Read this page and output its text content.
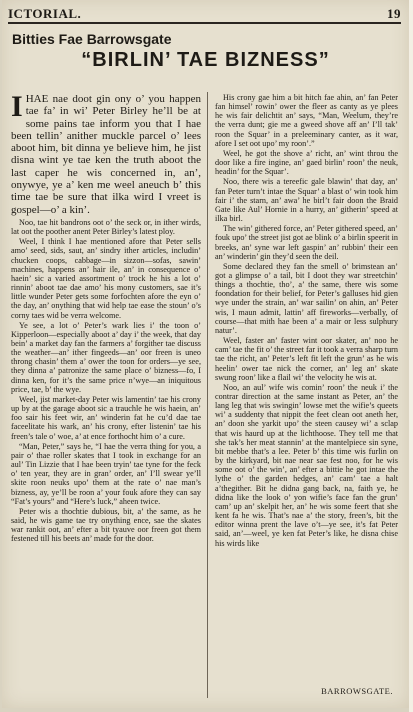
ICTORIAL.	19
Bitties Fae Barrowsgate
“BIRLIN’ TAE BIZNESS”

IHAE nae doot gin ony o’ you happen tae fa’ in wi’ Peter Birley he’ll be at some pains tae inform you that I hae been tellin’ anither muckle parcel o’ lees aboot him, bit dinna ye believe him, he jist disna wint ye tae ken the truth aboot the last caper he wis concerned in, an’, onywye, ye a’ ken me weel aneuch b’ this time tae be sure that ilka wird I vreet is gospel—o’ a kin’.

Noo, tae hit bandrons oot o’ the seck or, in ither wirds, lat oot the poother anent Peter Birley’s latest ploy.

Weel, I think I hae mentioned afore that Peter sells amo’ seed, sids, saut, an’ sindry ither articles, includin’ chucken coops, cabbage—in sizzon—sofas, sawin’ machines, happens an’ hair ile, an’ in consequence o’ haein’ sic a varied assortment o’ trock he his a lot o’ rinnin’ aboot tae dae amo’ his mony customers, sae it’s little wunder Peter gets some forfochten afore the eyn o’ the day, an’ onything that wid help tae ease the stoun’ o’s corny taes wid be verra welcome.

Ye see, a lot o’ Peter’s wark lies i’ the toon o’ Kipperloon—especially aboot a’ day i’ the week, that day bein’ a market day fan the farmers a’ forgither tae discuss the weather—an’ ither fingeeds—an’ oor freen is uneo throng chasin’ them a’ ower the toon for orders—ye see, they dinna a’ patronize the same place o’ bizness—fo, I dinna ken, for it’s the same price n’wye—an iniquitous price, tae, b’ the wye.

Weel, jist market-day Peter wis lamentin’ tae his crony up by at the garage aboot sic a trauchle he wis haein, an’ foo sair his feet wir, an’ winderin fat he cu’d dae tae faceelitate his wark, an’ his crony, efter listenin’ tae his freen’s tale o’ woe, a’ at ence forthocht him o’ a cure.

“Man, Peter,” says he, “I hae the verra thing for you, a pair o’ thae roller skates that I took in exchange for an aul’ Tin Lizzie that I hae been tryin’ tae tyne for the feck o’ ten year, they are in gran’ order, an’ I’ll swear ye’ll skite roon neuks upo’ them at the rate o’ nae man’s bizness, ay, ye’ll be roon a’ your fouk afore they can say “Fat’s yours” and “Here’s luck,” aheen twice.

Peter wis a thochtie dubious, bit, a’ the same, as he said, he wis game tae try onything ence, sae the skates war rankit oot, an’ efter a bit tyauve oor freen got them festened till his beets an’ made for the door.

His crony gae him a bit hitch fae ahin, an’ fan Peter fan himsel’ rowin’ ower the fleer as canty as ye plees he wis fair delichtit an’ says, “Man, Weelum, they’re the verra dunt; gie me a gweed shove aff an’ I’ll tak’ roon the Squar’ in a preleeminary canter, as it war, afore I set oot upo’ my roon’.”

Weel, he got the shove a’ richt, an’ wint throu the door like a fire ingine, an’ gaed birlin’ roon’ the neuk, headin’ for the Squar’.

Noo, there wis a tereefic gale blawin’ that day, an’ fan Peter turn’t intae the Squar’ a blast o’ win took him fair i’ the starn, an’ awa’ he birl’t fair doon the Braid Gate like Aul’ Hornie in a hurry, an’ githerin’ speed at ilka birl.

The win’ githered force, an’ Peter githered speed, an’ fouk upo’ the street jist got ae blink o’ a birlin speerit in breeks, an’ syne war left gaspin’ an’ rubbin’ their een an’ winderin’ gin they’d seen the deil.

Some declared they fan the smell o’ brimstean an’ got a glimpse o’ a tail, bit I doot they war streetchin’ things a thochtie, tho’, a’ the same, there wis some foondation for their belief, for Peter’s galluses hid gien wye under the strain, an’ war sailin’ on ahin, an’ Peter wis, I maun admit, lattin’ aff fireworks—verbally, of course—that mith hae been a’ a mair or less sulphury natur’.

Weel, faster an’ faster wint oor skater, an’ noo he cam’ tae the fit o’ the street far it took a verra sharp turn tae the richt, an’ Peter’s left fit left the grun’ as he wis heelin’ ower tae nick the corner, an’ leg an’ skate swung roon’ like a flail wi’ the velocity he wis at.

Noo, an aul’ wife wis comin’ roon’ the neuk i’ the contrar direction at the same instant as Peter, an’ the lang leg that wis swingin’ lowse met the wifie’s queets wi’ a suddenty that nippit the feet clean oot aneth her, an’ doon she yarkit upo’ the steen causey wi’ a sclap that wis haurd up at the lichthoose. They tell me that she tak’s her meat stannin’ at the mantelpiece sin syne, bit mebbe that’s a lee. Peter b’ this time wis furlin on by the kirkyard, bit nae near sae fest noo, for he wis some oot o’ the win’, an’ efter a bittie he got intae the lythe o’ the garden hedges, an’ cam’ tae a halt a’thegither. Bit he didna gang back, na, faith ye, he didna like the look o’ yon wifie’s face fan the grun’ cam’ up an’ skelpit her, an’ he wis some feert that she kent fa he wis. That’s nae a’ the story, freen’s, bit the editor winna prent the lave o’t—ye see, it’s fat Peter said, an’—weel, ye ken fat Peter’s like, he disna chise his wirds like

BARROWSGATE.
